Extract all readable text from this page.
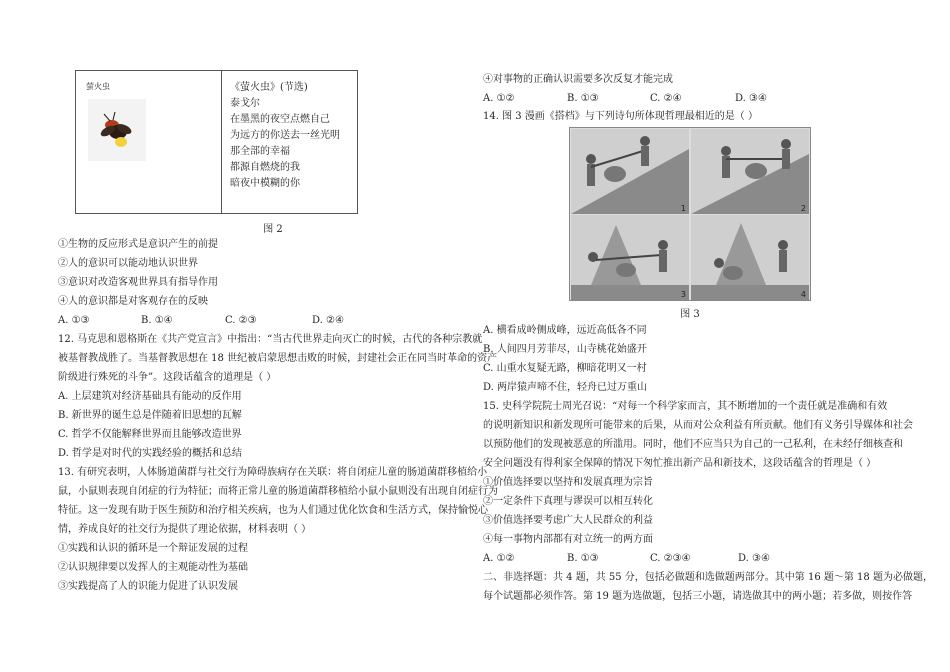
萤火虫	《萤火虫》(节选)
泰戈尔
在墨黑的夜空点燃自己
为远方的你送去一丝光明
那全部的幸福
都源自燃烧的我
暗夜中模糊的你
图 2
①生物的反应形式是意识产生的前提
②人的意识可以能动地认识世界
③意识对改造客观世界具有指导作用
④人的意识都是对客观存在的反映
A. ①③	B. ①④	C. ②③	D. ②④
12. 马克思和恩格斯在《共产党宣言》中指出：“当古代世界走向灭亡的时候，古代的各种宗教就
被基督教战胜了。当基督教思想在 18 世纪被启蒙思想击败的时候，封建社会正在同当时革命的资产
阶级进行殊死的斗争”。这段话蕴含的道理是（ ）
A. 上层建筑对经济基础具有能动的反作用
B. 新世界的诞生总是伴随着旧思想的瓦解
C. 哲学不仅能解释世界而且能够改造世界
D. 哲学是对时代的实践经验的概括和总结
13. 有研究表明，人体肠道菌群与社交行为障碍族病存在关联：将自闭症儿童的肠道菌群移植给小
鼠，小鼠则表现自闭症的行为特征；而将正常儿童的肠道菌群移植给小鼠小鼠则没有出现自闭症行为
特征。这一发现有助于医生预防和治疗相关疾病，也为人们通过优化饮食和生活方式，保持愉悦心
情，养成良好的社交行为提供了理论依据，材料表明（ ）
①实践和认识的循环是一个辩证发展的过程
②认识规律要以发挥人的主观能动性为基础
③实践提高了人的识能力促进了认识发展
④对事物的正确认识需要多次反复才能完成
A. ①②	B. ①③	C. ②④	D. ③④
14. 图 3 漫画《搭档》与下列诗句所体现哲理最相近的是（ ）
1	2
3	4
图 3
A. 横看成岭侧成峰，远近高低各不同
B. 人间四月芳菲尽，山寺桃花始盛开
C. 山重水复疑无路，柳暗花明又一村
D. 两岸猿声啼不住，轻舟已过万重山
15. 史科学院院士周光召说：“对每一个科学家而言，其不断增加的一个责任就是准确和有效
的说明新知识和新发现所可能带来的后果，从而对公众利益有所贡献。他们有义务引导媒体和社会
以预防他们的发现被恶意的所滥用。同时，他们不应当只为自己的一己私利，在未经仔细核查和
安全问题没有得利家全保障的情况下匆忙推出新产品和新技术，这段话蕴含的哲理是（ ）
①价值选择要以坚持和发展真理为宗旨
②一定条件下真理与谬误可以相互转化
③价值选择要考虑广大人民群众的利益
④每一事物内部都有对立统一的两方面
A. ①②	B. ①③	C. ②③④	D. ③④
二、非选择题：共 4 题，共 55 分，包括必做题和选做题两部分。其中第 16 题～第 18 题为必做题，
每个试题都必须作答。第 19 题为选做题，包括三小题，请选做其中的两小题；若多做，则按作答
